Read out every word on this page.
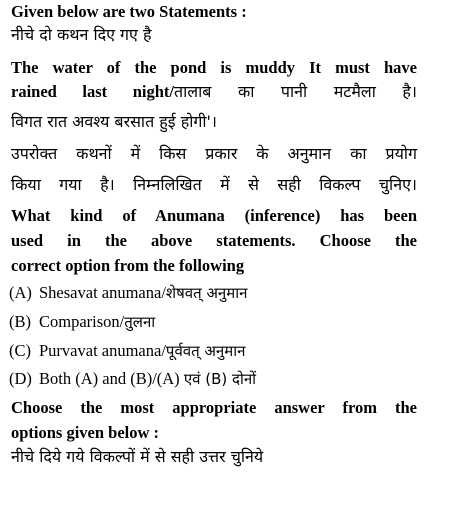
Given below are two Statements :
नीचे दो कथन दिए गए है
The water of the pond is muddy It must have
rained last night/तालाब का पानी मटमैला है।
विगत रात अवश्य बरसात हुई होगी'।
उपरोक्त कथनों में किस प्रकार के अनुमान का प्रयोग
किया गया है। निम्नलिखित में से सही विकल्प चुनिए।
What kind of Anumana (inference) has been
used in the above statements. Choose the
correct option from the following
(A) Shesavat anumana/शेषवत् अनुमान
(B) Comparison/तुलना
(C) Purvavat anumana/पूर्ववत् अनुमान
(D) Both (A) and (B)/(A) एवं (B) दोनों
Choose the most appropriate answer from the
options given below :
नीचे दिये गये विकल्पों में से सही उत्तर चुनिये
